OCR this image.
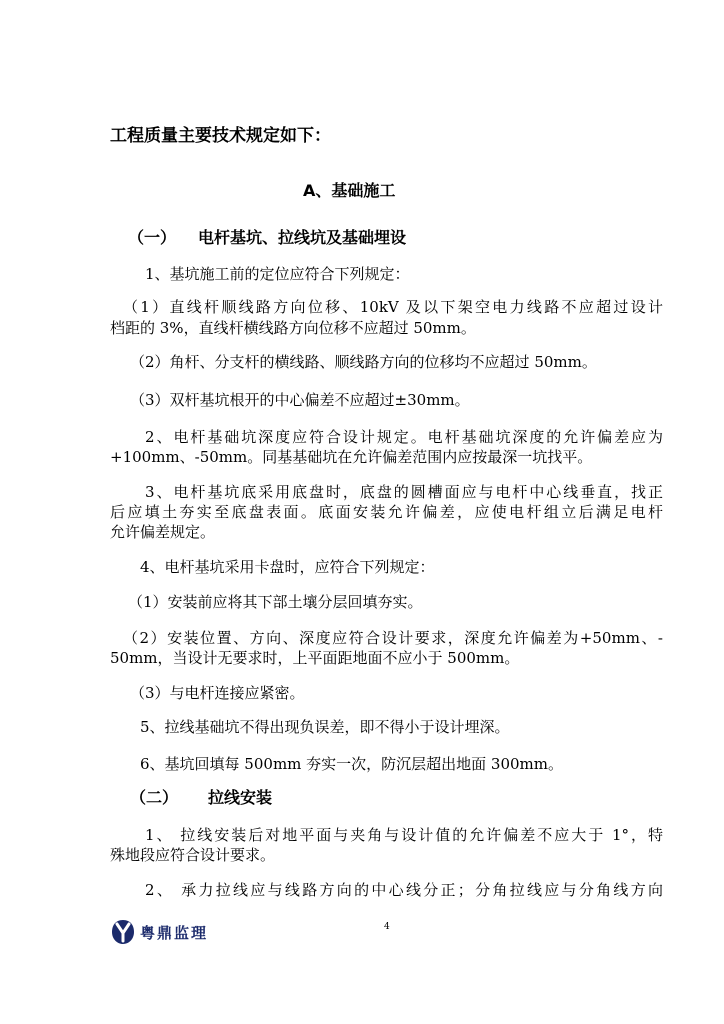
工程质量主要技术规定如下：
A、基础施工
（一） 电杆基坑、拉线坑及基础埋设
1、基坑施工前的定位应符合下列规定：
（1）直线杆顺线路方向位移、10kV 及以下架空电力线路不应超过设计
档距的 3%，直线杆横线路方向位移不应超过 50mm。
（2）角杆、分支杆的横线路、顺线路方向的位移均不应超过 50mm。
（3）双杆基坑根开的中心偏差不应超过±30mm。
2、电杆基础坑深度应符合设计规定。电杆基础坑深度的允许偏差应为
+100mm、-50mm。同基基础坑在允许偏差范围内应按最深一坑找平。
3、电杆基坑底采用底盘时，底盘的圆槽面应与电杆中心线垂直，找正
后应填土夯实至底盘表面。底面安装允许偏差，应使电杆组立后满足电杆
允许偏差规定。
4、电杆基坑采用卡盘时，应符合下列规定：
（1）安装前应将其下部土壤分层回填夯实。
（2）安装位置、方向、深度应符合设计要求，深度允许偏差为+50mm、-
50mm，当设计无要求时，上平面距地面不应小于 500mm。
（3）与电杆连接应紧密。
5、拉线基础坑不得出现负误差，即不得小于设计埋深。
6、基坑回填每 500mm 夯实一次，防沉层超出地面 300mm。
（二） 拉线安装
1、 拉线安装后对地平面与夹角与设计值的允许偏差不应大于 1°，特
殊地段应符合设计要求。
2、 承力拉线应与线路方向的中心线分正；分角拉线应与分角线方向
4
粤鼎监理
